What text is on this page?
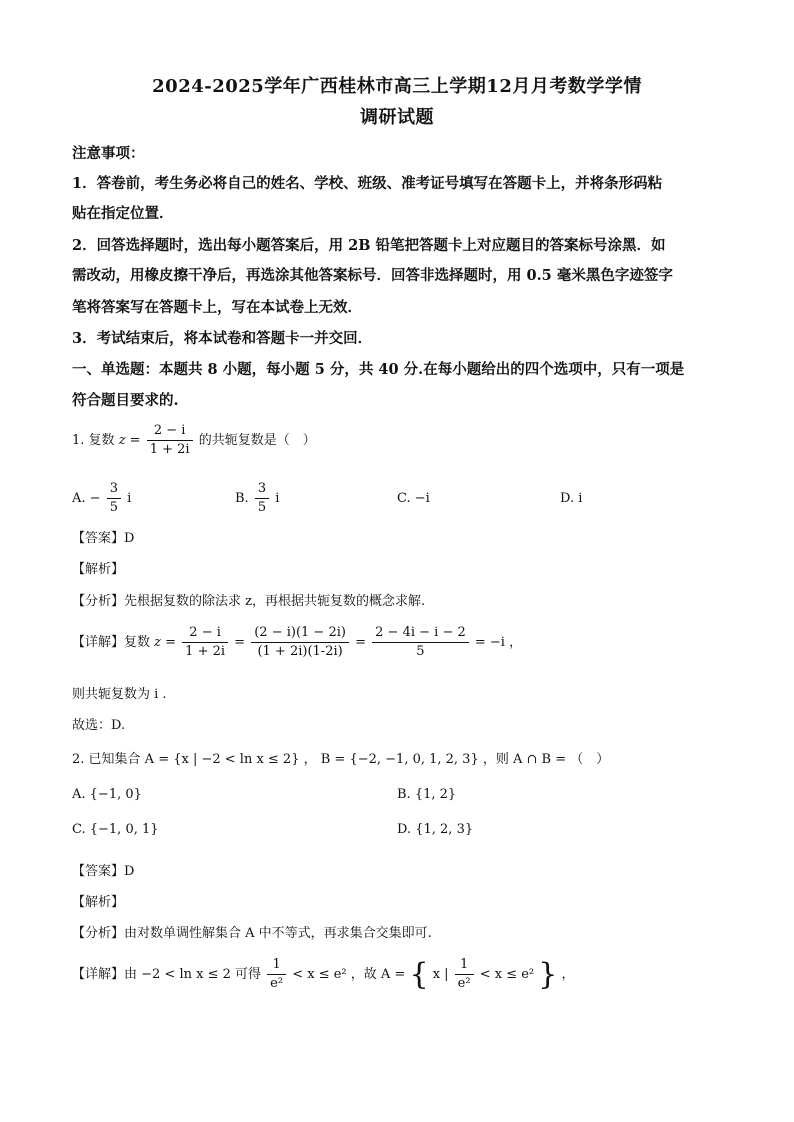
2024-2025学年广西桂林市高三上学期12月月考数学学情
调研试题
注意事项：
1．答卷前，考生务必将自己的姓名、学校、班级、准考证号填写在答题卡上，并将条形码粘
贴在指定位置．
2．回答选择题时，选出每小题答案后，用 2B 铅笔把答题卡上对应题目的答案标号涂黑．如
需改动，用橡皮擦干净后，再选涂其他答案标号．回答非选择题时，用 0.5 毫米黑色字迹签字
笔将答案写在答题卡上，写在本试卷上无效．
3．考试结束后，将本试卷和答题卡一并交回．
一、单选题：本题共 8 小题，每小题 5 分，共 40 分.在每小题给出的四个选项中，只有一项是
符合题目要求的.
1. 复数 $z = \frac{2 - i}{1 + 2i}$ 的共轭复数是（　）
A. − $\frac{3}{5}$ i	B. $\frac{3}{5}$ i	C. −i	D. i
【答案】D
【解析】
【分析】先根据复数的除法求 z，再根据共轭复数的概念求解.
【详解】复数 $z = \frac{2 - i}{1 + 2i} = \frac{(2 - i)(1 - 2i)}{(1 + 2i)(1-2i)} = \frac{2 - 4i - i - 2}{5} = -i$ ，
则共轭复数为 i .
故选：D.
2. 已知集合 A = {x | −2 < ln x ≤ 2} ， B = {−2, −1, 0, 1, 2, 3} ，则 A ∩ B = （　）
A. {−1, 0}	B. {1, 2}
C. {−1, 0, 1}	D. {1, 2, 3}
【答案】D
【解析】
【分析】由对数单调性解集合 A 中不等式，再求集合交集即可.
【详解】由 −2 < ln x ≤ 2 可得 $\frac{1}{\text{e²}} < x \le e^2$ ，故 A = { x | $\frac{1}{\text{e²}} < x \le e^2$ } ，
